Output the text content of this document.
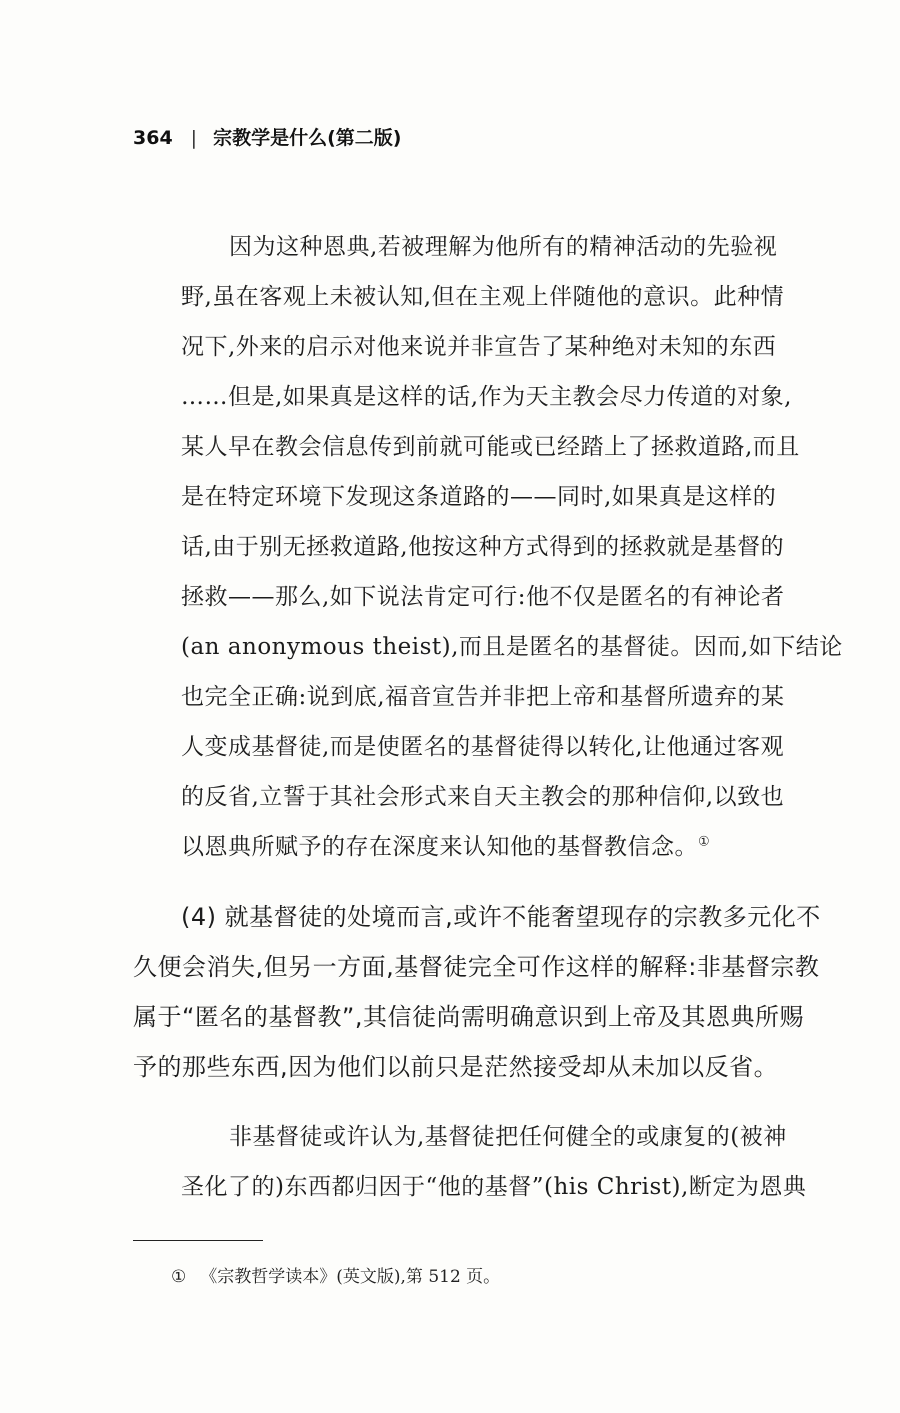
364 | 宗教学是什么(第二版)
因为这种恩典,若被理解为他所有的精神活动的先验视
野,虽在客观上未被认知,但在主观上伴随他的意识。此种情
况下,外来的启示对他来说并非宣告了某种绝对未知的东西
……但是,如果真是这样的话,作为天主教会尽力传道的对象,
某人早在教会信息传到前就可能或已经踏上了拯救道路,而且
是在特定环境下发现这条道路的——同时,如果真是这样的
话,由于别无拯救道路,他按这种方式得到的拯救就是基督的
拯救——那么,如下说法肯定可行:他不仅是匿名的有神论者
(an anonymous theist),而且是匿名的基督徒。因而,如下结论
也完全正确:说到底,福音宣告并非把上帝和基督所遗弃的某
人变成基督徒,而是使匿名的基督徒得以转化,让他通过客观
的反省,立誓于其社会形式来自天主教会的那种信仰,以致也
以恩典所赋予的存在深度来认知他的基督教信念。①
(4) 就基督徒的处境而言,或许不能奢望现存的宗教多元化不
久便会消失,但另一方面,基督徒完全可作这样的解释:非基督宗教
属于“匿名的基督教”,其信徒尚需明确意识到上帝及其恩典所赐
予的那些东西,因为他们以前只是茫然接受却从未加以反省。
非基督徒或许认为,基督徒把任何健全的或康复的(被神
圣化了的)东西都归因于“他的基督”(his Christ),断定为恩典
① 《宗教哲学读本》(英文版),第 512 页。
